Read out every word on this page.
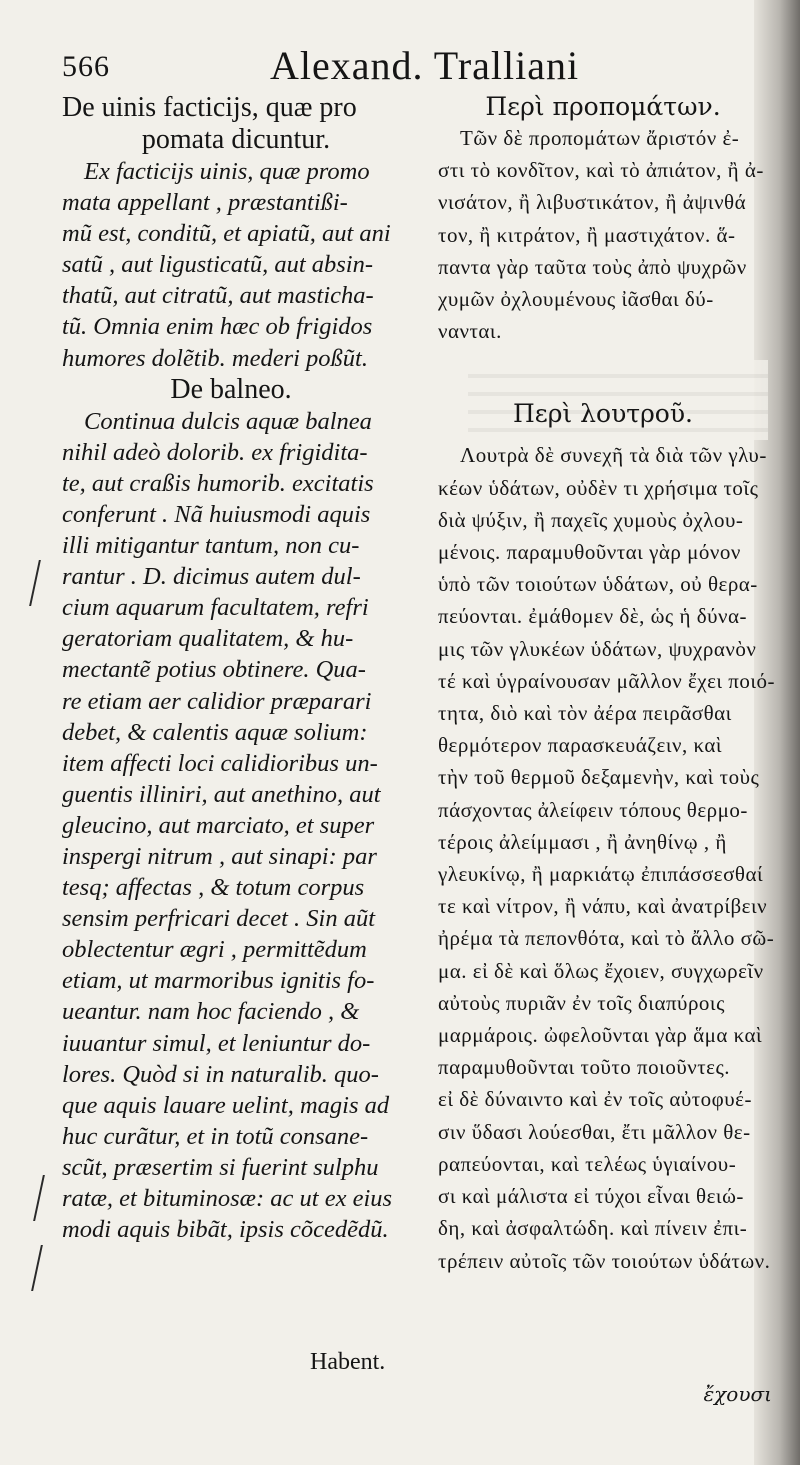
566	Alexand. Tralliani
De uinis facticijs, quæ pro
pomata dicuntur.
Ex facticijs uinis, quæ promo
mata appellant , præstantißi-
mũ est, conditũ, et apiatũ, aut ani
satũ , aut ligusticatũ, aut absin-
thatũ, aut citratũ, aut masticha-
tũ. Omnia enim hæc ob frigidos
humores dolẽtib. mederi poßũt.
De balneo.
Continua dulcis aquæ balnea
nihil adeò dolorib. ex frigidita-
te, aut craßis humorib. excitatis
conferunt . Nã huiusmodi aquis
illi mitigantur tantum, non cu-
rantur . D. dicimus autem dul-
cium aquarum facultatem, refri
geratoriam qualitatem, & hu-
mectantẽ potius obtinere. Qua-
re etiam aer calidior præparari
debet, & calentis aquæ solium:
item affecti loci calidioribus un-
guentis illiniri, aut anethino, aut
gleucino, aut marciato, et super
inspergi nitrum , aut sinapi: par
tesq; affectas , & totum corpus
sensim perfricari decet . Sin aũt
oblectentur ægri , permittẽdum
etiam, ut marmoribus ignitis fo-
ueantur. nam hoc faciendo , &
iuuantur simul, et leniuntur do-
lores. Quòd si in naturalib. quo-
que aquis lauare uelint, magis ad
huc curãtur, et in totũ consane-
scũt, præsertim si fuerint sulphu
ratæ, et bituminosæ: ac ut ex eius
modi aquis bibãt, ipsis cõcedẽdũ.
Habent.
Περὶ προπομάτων.
Τῶν δὲ προπομάτων ἄριστόν ἐ-
στι τὸ κονδῖτον, καὶ τὸ ἀπιάτον, ἢ ἀ-
νισάτον, ἢ λιβυστικάτον, ἢ ἀψινθά
τον, ἢ κιτράτον, ἢ μαστιχάτον. ἅ-
παντα γὰρ ταῦτα τοὺς ἀπὸ ψυχρῶν
χυμῶν ὀχλουμένους ἰᾶσθαι δύ-
νανται.
Περὶ λουτροῦ.
Λουτρὰ δὲ συνεχῆ τὰ διὰ τῶν γλυ-
κέων ὑδάτων, οὐδὲν τι χρήσιμα τοῖς
διὰ ψύξιν, ἢ παχεῖς χυμοὺς ὀχλου-
μένοις. παραμυθοῦνται γὰρ μόνον
ὑπὸ τῶν τοιούτων ὑδάτων, οὐ θερα-
πεύονται. ἐμάθομεν δὲ, ὡς ἡ δύνα-
μις τῶν γλυκέων ὑδάτων, ψυχρανὸν
τέ καὶ ὑγραίνουσαν μᾶλλον ἔχει ποιό-
τητα, διὸ καὶ τὸν ἀέρα πειρᾶσθαι
θερμότερον παρασκευάζειν, καὶ
τὴν τοῦ θερμοῦ δεξαμενὴν, καὶ τοὺς
πάσχοντας ἀλείφειν τόπους θερμο-
τέροις ἀλείμμασι , ἢ ἀνηθίνῳ , ἢ
γλευκίνῳ, ἢ μαρκιάτῳ ἐπιπάσσεσθαί
τε καὶ νίτρον, ἢ νάπυ, καὶ ἀνατρίβειν
ἠρέμα τὰ πεπονθότα, καὶ τὸ ἄλλο σῶ-
μα. εἰ δὲ καὶ ὅλως ἔχοιεν, συγχωρεῖν
αὐτοὺς πυριᾶν ἐν τοῖς διαπύροις
μαρμάροις. ὠφελοῦνται γὰρ ἅμα καὶ
παραμυθοῦνται τοῦτο ποιοῦντες.
εἰ δὲ δύναιντο καὶ ἐν τοῖς αὐτοφυέ-
σιν ὕδασι λούεσθαι, ἔτι μᾶλλον θε-
ραπεύονται, καὶ τελέως ὑγιαίνου-
σι καὶ μάλιστα εἰ τύχοι εἶναι θειώ-
δη, καὶ ἀσφαλτώδη. καὶ πίνειν ἐπι-
τρέπειν αὐτοῖς τῶν τοιούτων ὑδάτων.
ἔχουσι
